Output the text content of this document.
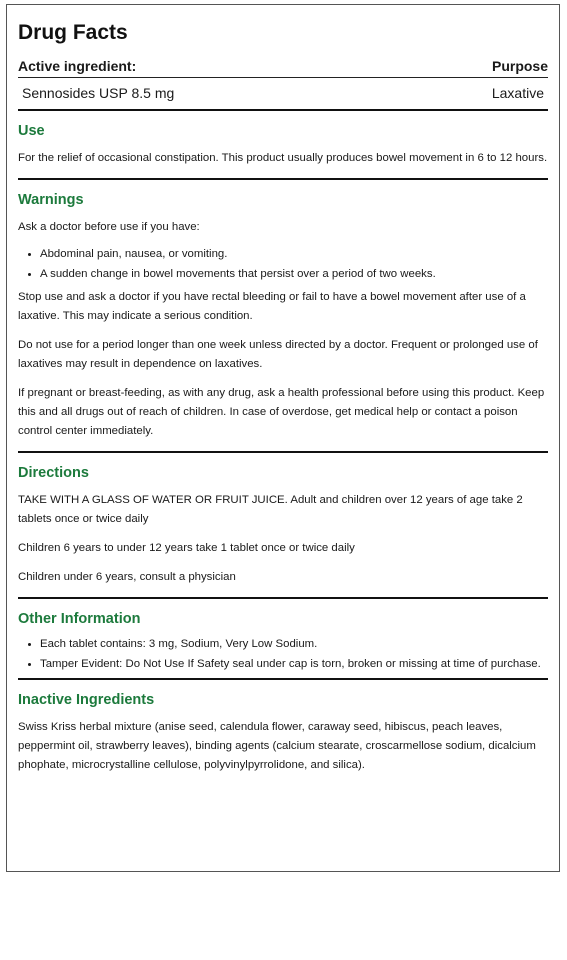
Drug Facts
Active ingredient:	Purpose
Sennosides USP 8.5 mg	Laxative
Use

For the relief of occasional constipation. This product usually produces bowel movement in 6 to 12 hours.

Warnings

Ask a doctor before use if you have:

• Abdominal pain, nausea, or vomiting.
• A sudden change in bowel movements that persist over a period of two weeks.

Stop use and ask a doctor if you have rectal bleeding or fail to have a bowel movement after use of a laxative. This may indicate a serious condition.

Do not use for a period longer than one week unless directed by a doctor. Frequent or prolonged use of laxatives may result in dependence on laxatives.

If pregnant or breast-feeding, as with any drug, ask a health professional before using this product. Keep this and all drugs out of reach of children. In case of overdose, get medical help or contact a poison control center immediately.

Directions

TAKE WITH A GLASS OF WATER OR FRUIT JUICE. Adult and children over 12 years of age take 2 tablets once or twice daily

Children 6 years to under 12 years take 1 tablet once or twice daily

Children under 6 years, consult a physician

Other Information
• Each tablet contains: 3 mg, Sodium, Very Low Sodium.
• Tamper Evident: Do Not Use If Safety seal under cap is torn, broken or missing at time of purchase.
Inactive Ingredients

Swiss Kriss herbal mixture (anise seed, calendula flower, caraway seed, hibiscus, peach leaves, peppermint oil, strawberry leaves), binding agents (calcium stearate, croscarmellose sodium, dicalcium phophate, microcrystalline cellulose, polyvinylpyrrolidone, and silica).
